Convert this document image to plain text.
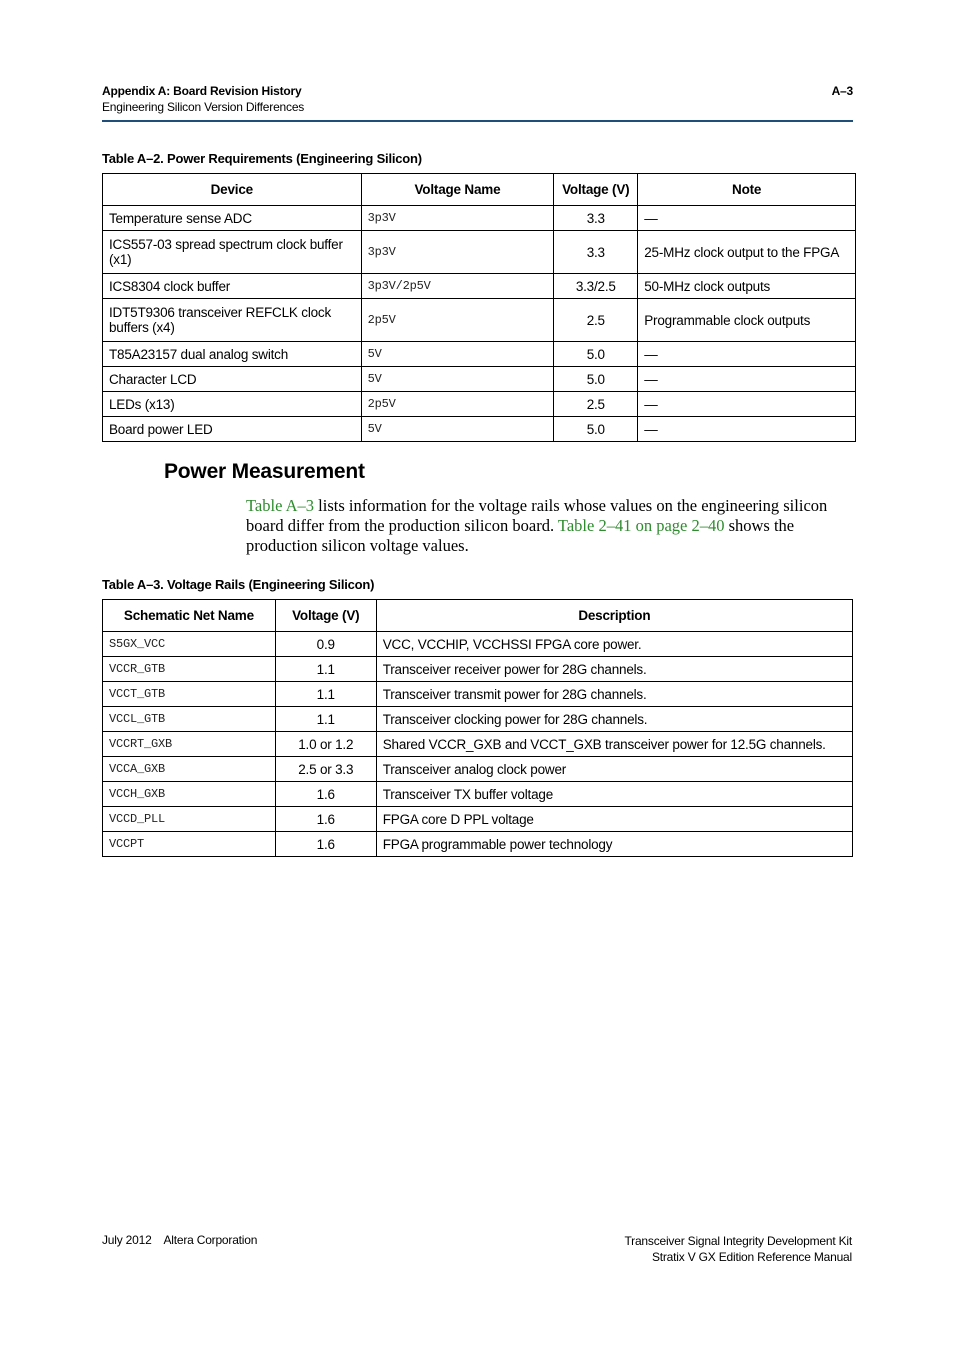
Appendix A: Board Revision History
Engineering Silicon Version Differences
A–3
Table A–2. Power Requirements (Engineering Silicon)
Device	Voltage Name	Voltage (V)	Note
Temperature sense ADC	3p3V	3.3	—
ICS557-03 spread spectrum clock buffer (x1)	3p3V	3.3	25-MHz clock output to the FPGA
ICS8304 clock buffer	3p3V/2p5V	3.3/2.5	50-MHz clock outputs
IDT5T9306 transceiver REFCLK clock buffers (x4)	2p5V	2.5	Programmable clock outputs
T85A23157 dual analog switch	5V	5.0	—
Character LCD	5V	5.0	—
LEDs (x13)	2p5V	2.5	—
Board power LED	5V	5.0	—
Power Measurement
Table A–3 lists information for the voltage rails whose values on the engineering silicon board differ from the production silicon board. Table 2–41 on page 2–40 shows the production silicon voltage values.
Table A–3. Voltage Rails (Engineering Silicon)
Schematic Net Name	Voltage (V)	Description
S5GX_VCC	0.9	VCC, VCCHIP, VCCHSSI FPGA core power.
VCCR_GTB	1.1	Transceiver receiver power for 28G channels.
VCCT_GTB	1.1	Transceiver transmit power for 28G channels.
VCCL_GTB	1.1	Transceiver clocking power for 28G channels.
VCCRT_GXB	1.0 or 1.2	Shared VCCR_GXB and VCCT_GXB transceiver power for 12.5G channels.
VCCA_GXB	2.5 or 3.3	Transceiver analog clock power
VCCH_GXB	1.6	Transceiver TX buffer voltage
VCCD_PLL	1.6	FPGA core D PPL voltage
VCCPT	1.6	FPGA programmable power technology
July 2012    Altera Corporation	Transceiver Signal Integrity Development Kit
Stratix V GX Edition Reference Manual
